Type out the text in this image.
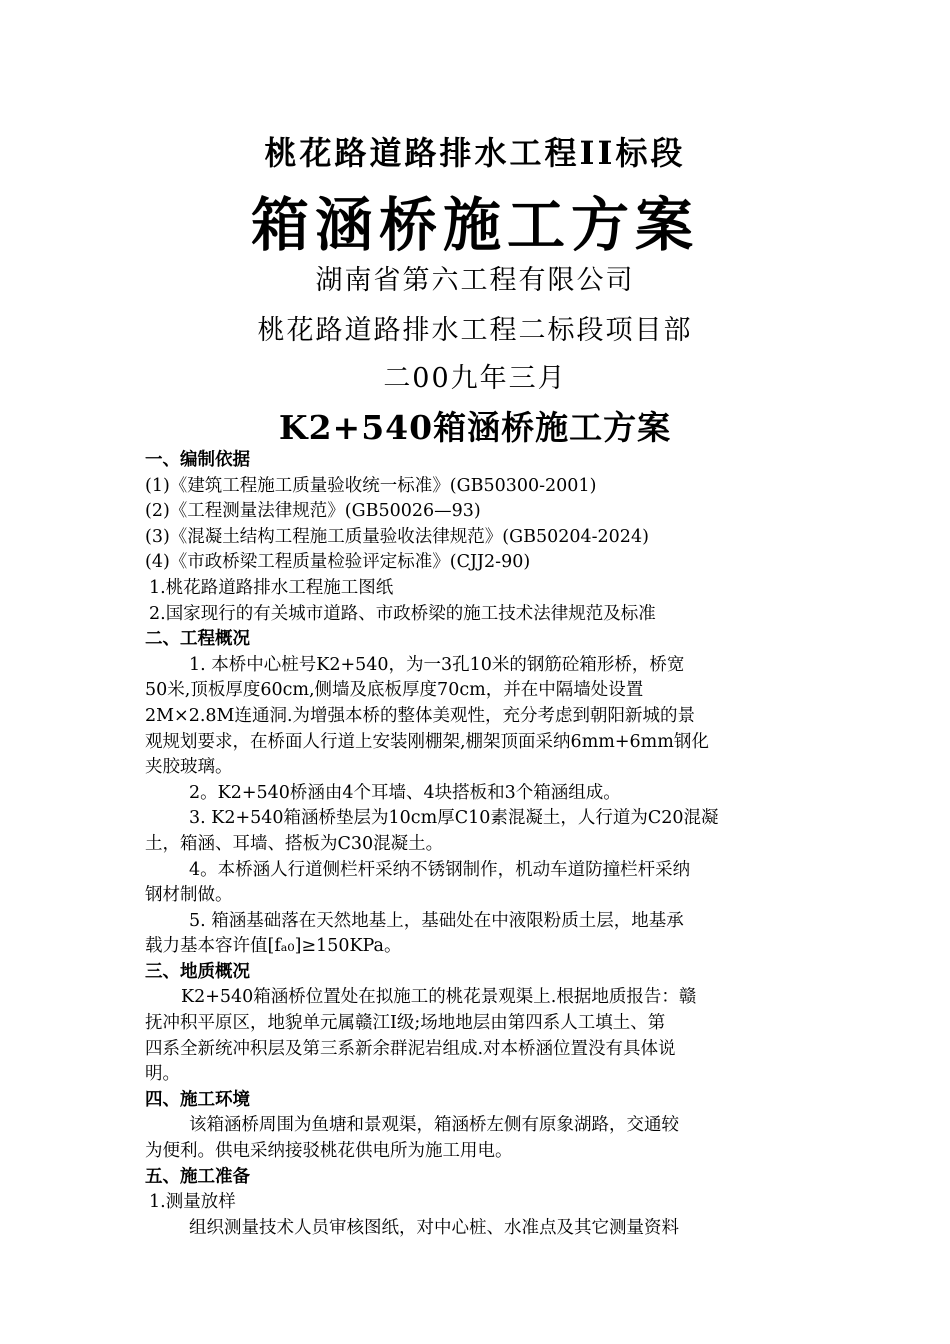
桃花路道路排水工程II标段
箱涵桥施工方案
湖南省第六工程有限公司
桃花路道路排水工程二标段项目部
二00九年三月
K2+540箱涵桥施工方案
一、编制依据
(1)《建筑工程施工质量验收统一标准》(GB50300-2001)
(2)《工程测量法律规范》(GB50026—93)
(3)《混凝土结构工程施工质量验收法律规范》(GB50204-2024)
(4)《市政桥梁工程质量检验评定标准》(CJJ2-90)
1.桃花路道路排水工程施工图纸
2.国家现行的有关城市道路、市政桥梁的施工技术法律规范及标准
二、工程概况
1. 本桥中心桩号K2+540，为一3孔10米的钢筋砼箱形桥，桥宽
50米,顶板厚度60cm,侧墙及底板厚度70cm，并在中隔墙处设置
2M×2.8M连通洞.为增强本桥的整体美观性，充分考虑到朝阳新城的景
观规划要求，在桥面人行道上安装刚棚架,棚架顶面采纳6mm+6mm钢化
夹胶玻璃。
2。K2+540桥涵由4个耳墙、4块搭板和3个箱涵组成。
3. K2+540箱涵桥垫层为10cm厚C10素混凝土，人行道为C20混凝
土，箱涵、耳墙、搭板为C30混凝土。
4。本桥涵人行道侧栏杆采纳不锈钢制作，机动车道防撞栏杆采纳
钢材制做。
5. 箱涵基础落在天然地基上，基础处在中液限粉质土层，地基承
载力基本容许值[fₐ₀]≥150KPa。
三、地质概况
K2+540箱涵桥位置处在拟施工的桃花景观渠上.根据地质报告：赣
抚冲积平原区，地貌单元属赣江Ⅰ级;场地地层由第四系人工填土、第
四系全新统冲积层及第三系新余群泥岩组成.对本桥涵位置没有具体说
明。
四、施工环境
该箱涵桥周围为鱼塘和景观渠，箱涵桥左侧有原象湖路，交通较
为便利。供电采纳接驳桃花供电所为施工用电。
五、施工准备
1.测量放样
组织测量技术人员审核图纸，对中心桩、水准点及其它测量资料
